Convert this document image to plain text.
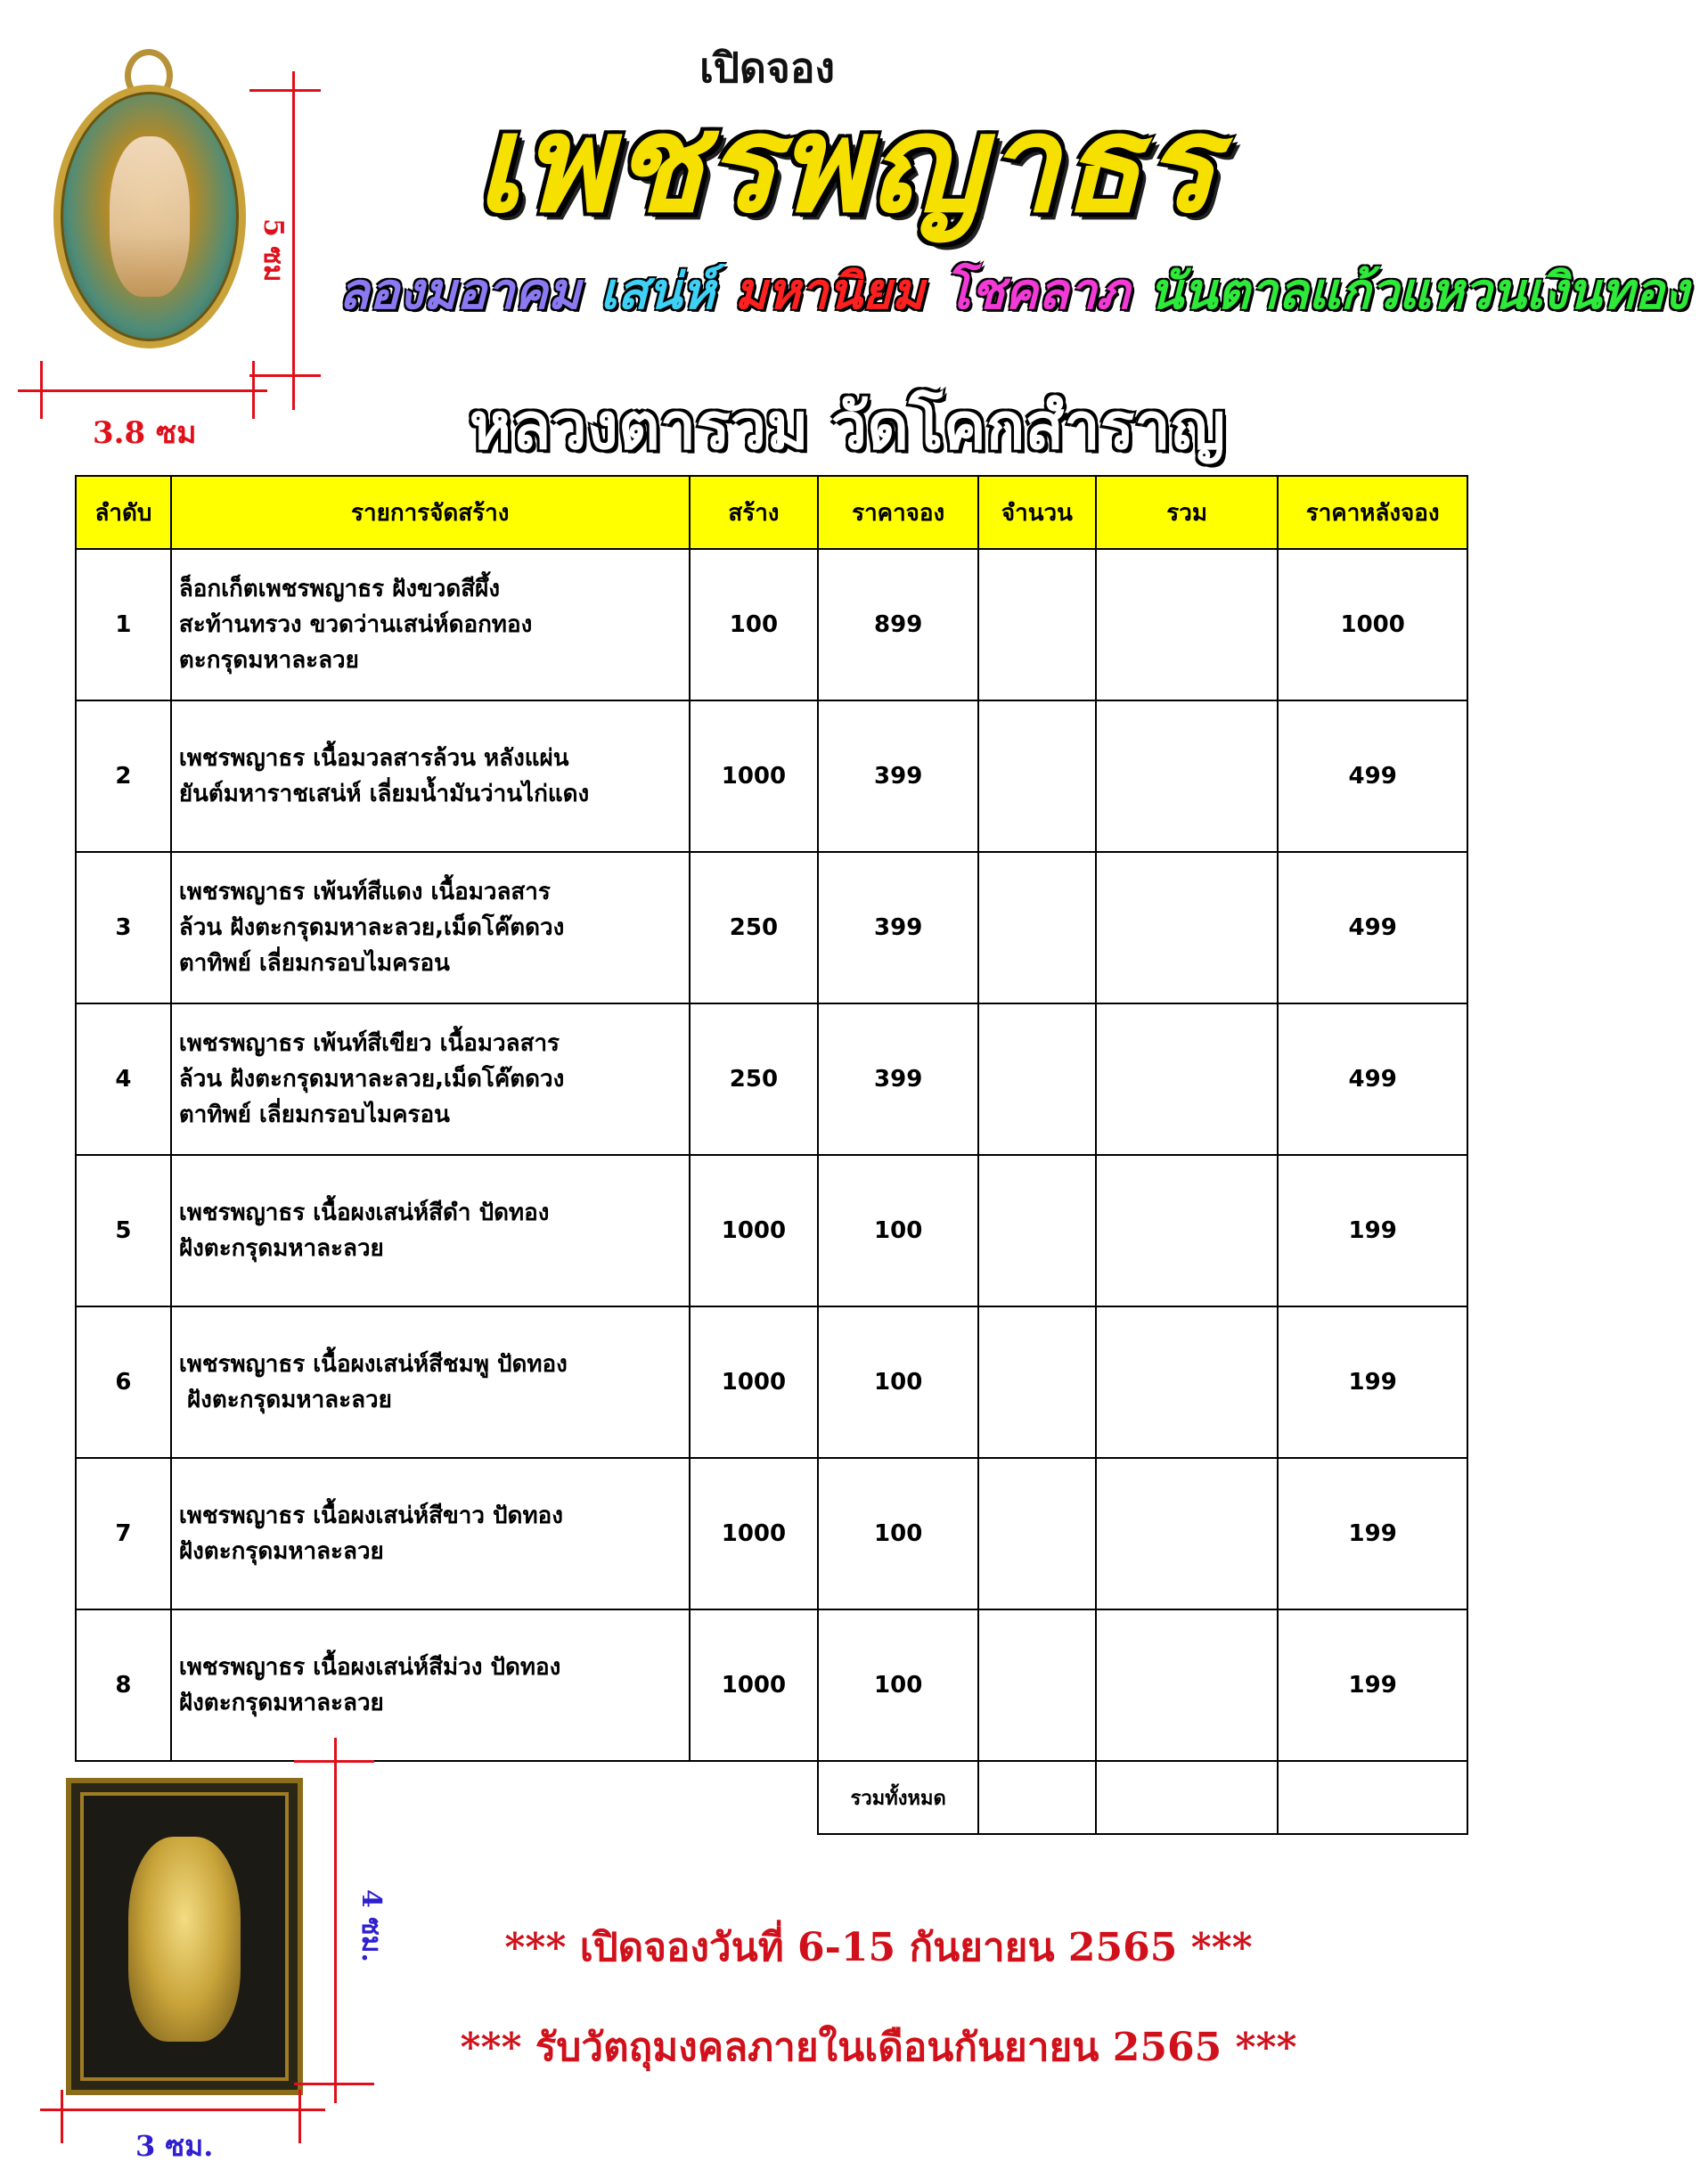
เปิดจอง
เพชรพญาธร
ลองมอาคม เสน่ห์ มหานิยม โชคลาภ นันตาลแก้วแหวนเงินทอง
หลวงตารวม วัดโคกสำราญ
5 ซม
3.8 ซม
ลำดับ	รายการจัดสร้าง	สร้าง	ราคาจอง	จำนวน	รวม	ราคาหลังจอง
1	ล็อกเก็ตเพชรพญาธร ฝังขวดสีผึ้ง
สะท้านทรวง ขวดว่านเสน่ห์ดอกทอง
ตะกรุดมหาละลวย	100	899			1000
2	เพชรพญาธร เนื้อมวลสารล้วน หลังแผ่น
ยันต์มหาราชเสน่ห์ เลี่ยมน้ำมันว่านไก่แดง	1000	399			499
3	เพชรพญาธร เพ้นท์สีแดง เนื้อมวลสาร
ล้วน ฝังตะกรุดมหาละลวย,เม็ดโค๊ตดวง
ตาทิพย์ เลี่ยมกรอบไมครอน	250	399			499
4	เพชรพญาธร เพ้นท์สีเขียว เนื้อมวลสาร
ล้วน ฝังตะกรุดมหาละลวย,เม็ดโค๊ตดวง
ตาทิพย์ เลี่ยมกรอบไมครอน	250	399			499
5	เพชรพญาธร เนื้อผงเสน่ห์สีดำ ปัดทอง
ฝังตะกรุดมหาละลวย	1000	100			199
6	เพชรพญาธร เนื้อผงเสน่ห์สีชมพู ปัดทอง
ฝังตะกรุดมหาละลวย	1000	100			199
7	เพชรพญาธร เนื้อผงเสน่ห์สีขาว ปัดทอง
ฝังตะกรุดมหาละลวย	1000	100			199
8	เพชรพญาธร เนื้อผงเสน่ห์สีม่วง ปัดทอง
ฝังตะกรุดมหาละลวย	1000	100			199
			รวมทั้งหมด			
4 ซม.
3 ซม.
*** เปิดจองวันที่ 6-15 กันยายน 2565 ***
*** รับวัตถุมงคลภายในเดือนกันยายน 2565 ***
